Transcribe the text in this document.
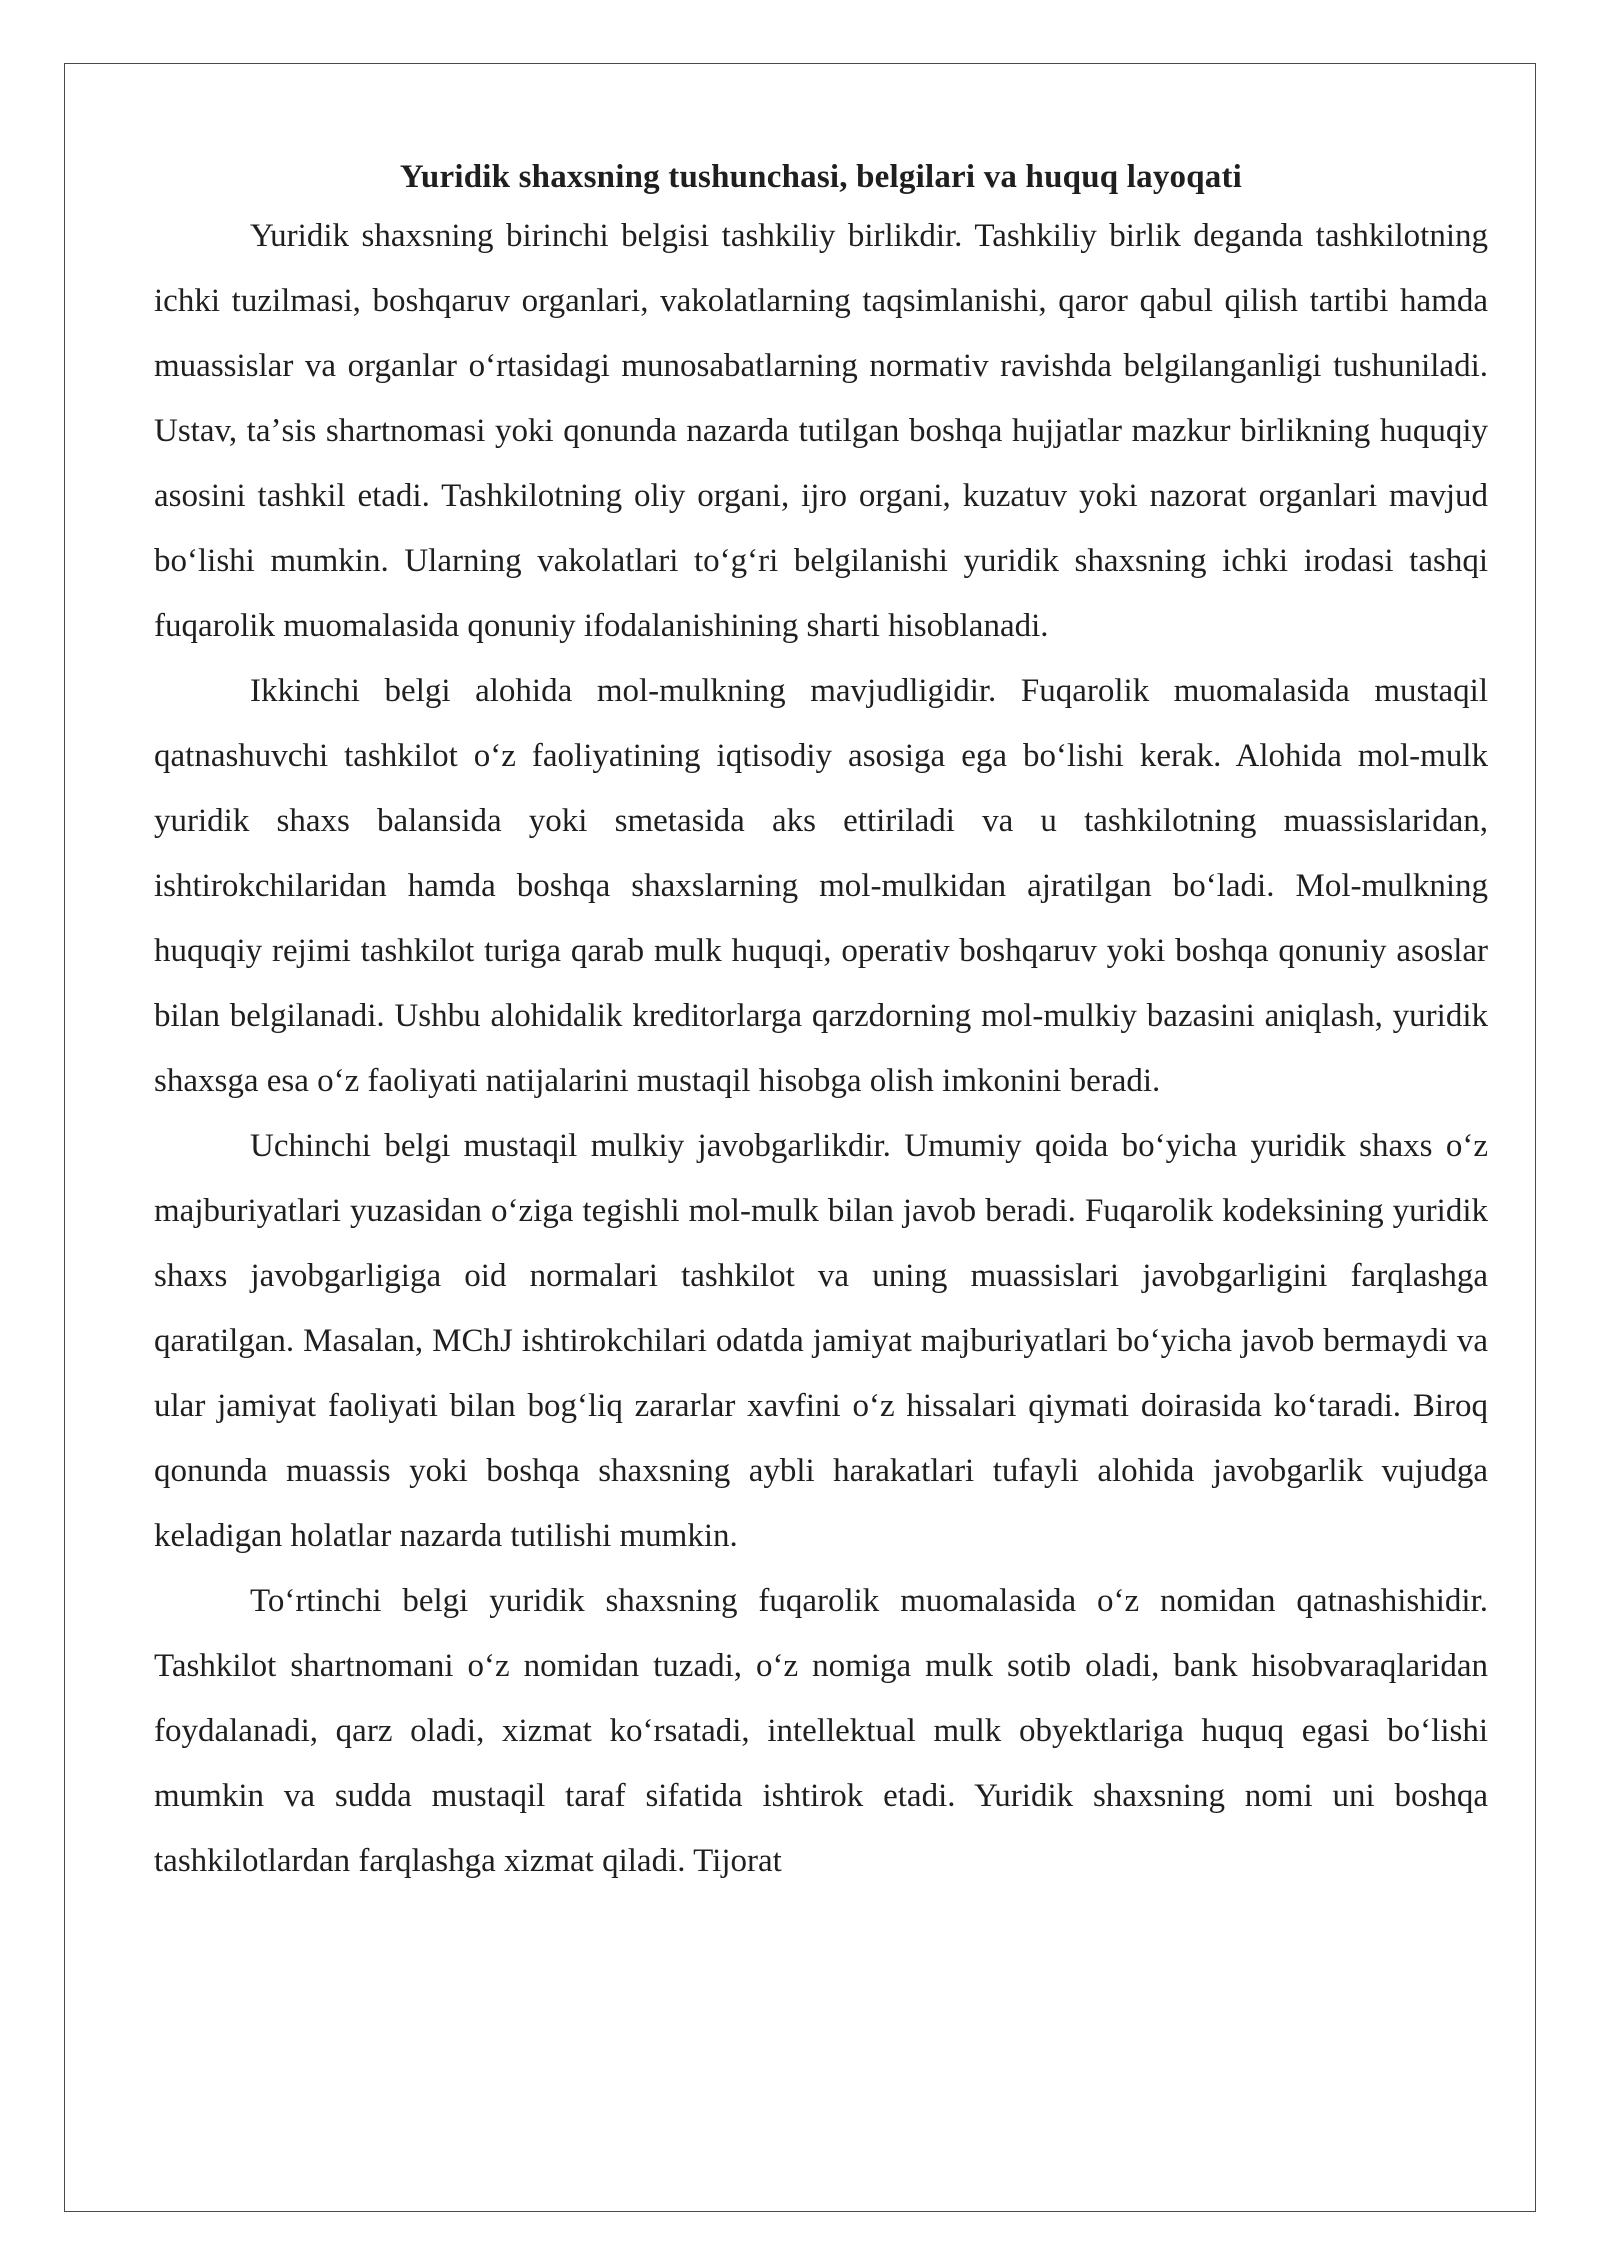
Yuridik shaxsning tushunchasi, belgilari va huquq layoqati

Yuridik shaxsning birinchi belgisi tashkiliy birlikdir. Tashkiliy birlik deganda tashkilotning ichki tuzilmasi, boshqaruv organlari, vakolatlarning taqsimlanishi, qaror qabul qilish tartibi hamda muassislar va organlar oʻrtasidagi munosabatlarning normativ ravishda belgilanganligi tushuniladi. Ustav, taʼsis shartnomasi yoki qonunda nazarda tutilgan boshqa hujjatlar mazkur birlikning huquqiy asosini tashkil etadi. Tashkilotning oliy organi, ijro organi, kuzatuv yoki nazorat organlari mavjud boʻlishi mumkin. Ularning vakolatlari toʻgʻri belgilanishi yuridik shaxsning ichki irodasi tashqi fuqarolik muomalasida qonuniy ifodalanishining sharti hisoblanadi.

Ikkinchi belgi alohida mol-mulkning mavjudligidir. Fuqarolik muomalasida mustaqil qatnashuvchi tashkilot oʻz faoliyatining iqtisodiy asosiga ega boʻlishi kerak. Alohida mol-mulk yuridik shaxs balansida yoki smetasida aks ettiriladi va u tashkilotning muassislaridan, ishtirokchilaridan hamda boshqa shaxslarning mol-mulkidan ajratilgan boʻladi. Mol-mulkning huquqiy rejimi tashkilot turiga qarab mulk huquqi, operativ boshqaruv yoki boshqa qonuniy asoslar bilan belgilanadi. Ushbu alohidalik kreditorlarga qarzdorning mol-mulkiy bazasini aniqlash, yuridik shaxsga esa oʻz faoliyati natijalarini mustaqil hisobga olish imkonini beradi.

Uchinchi belgi mustaqil mulkiy javobgarlikdir. Umumiy qoida boʻyicha yuridik shaxs oʻz majburiyatlari yuzasidan oʻziga tegishli mol-mulk bilan javob beradi. Fuqarolik kodeksining yuridik shaxs javobgarligiga oid normalari tashkilot va uning muassislari javobgarligini farqlashga qaratilgan. Masalan, MChJ ishtirokchilari odatda jamiyat majburiyatlari boʻyicha javob bermaydi va ular jamiyat faoliyati bilan bogʻliq zararlar xavfini oʻz hissalari qiymati doirasida koʻtaradi. Biroq qonunda muassis yoki boshqa shaxsning aybli harakatlari tufayli alohida javobgarlik vujudga keladigan holatlar nazarda tutilishi mumkin.

Toʻrtinchi belgi yuridik shaxsning fuqarolik muomalasida oʻz nomidan qatnashishidir. Tashkilot shartnomani oʻz nomidan tuzadi, oʻz nomiga mulk sotib oladi, bank hisobvaraqlaridan foydalanadi, qarz oladi, xizmat koʻrsatadi, intellektual mulk obyektlariga huquq egasi boʻlishi mumkin va sudda mustaqil taraf sifatida ishtirok etadi. Yuridik shaxsning nomi uni boshqa tashkilotlardan farqlashga xizmat qiladi. Tijorat
